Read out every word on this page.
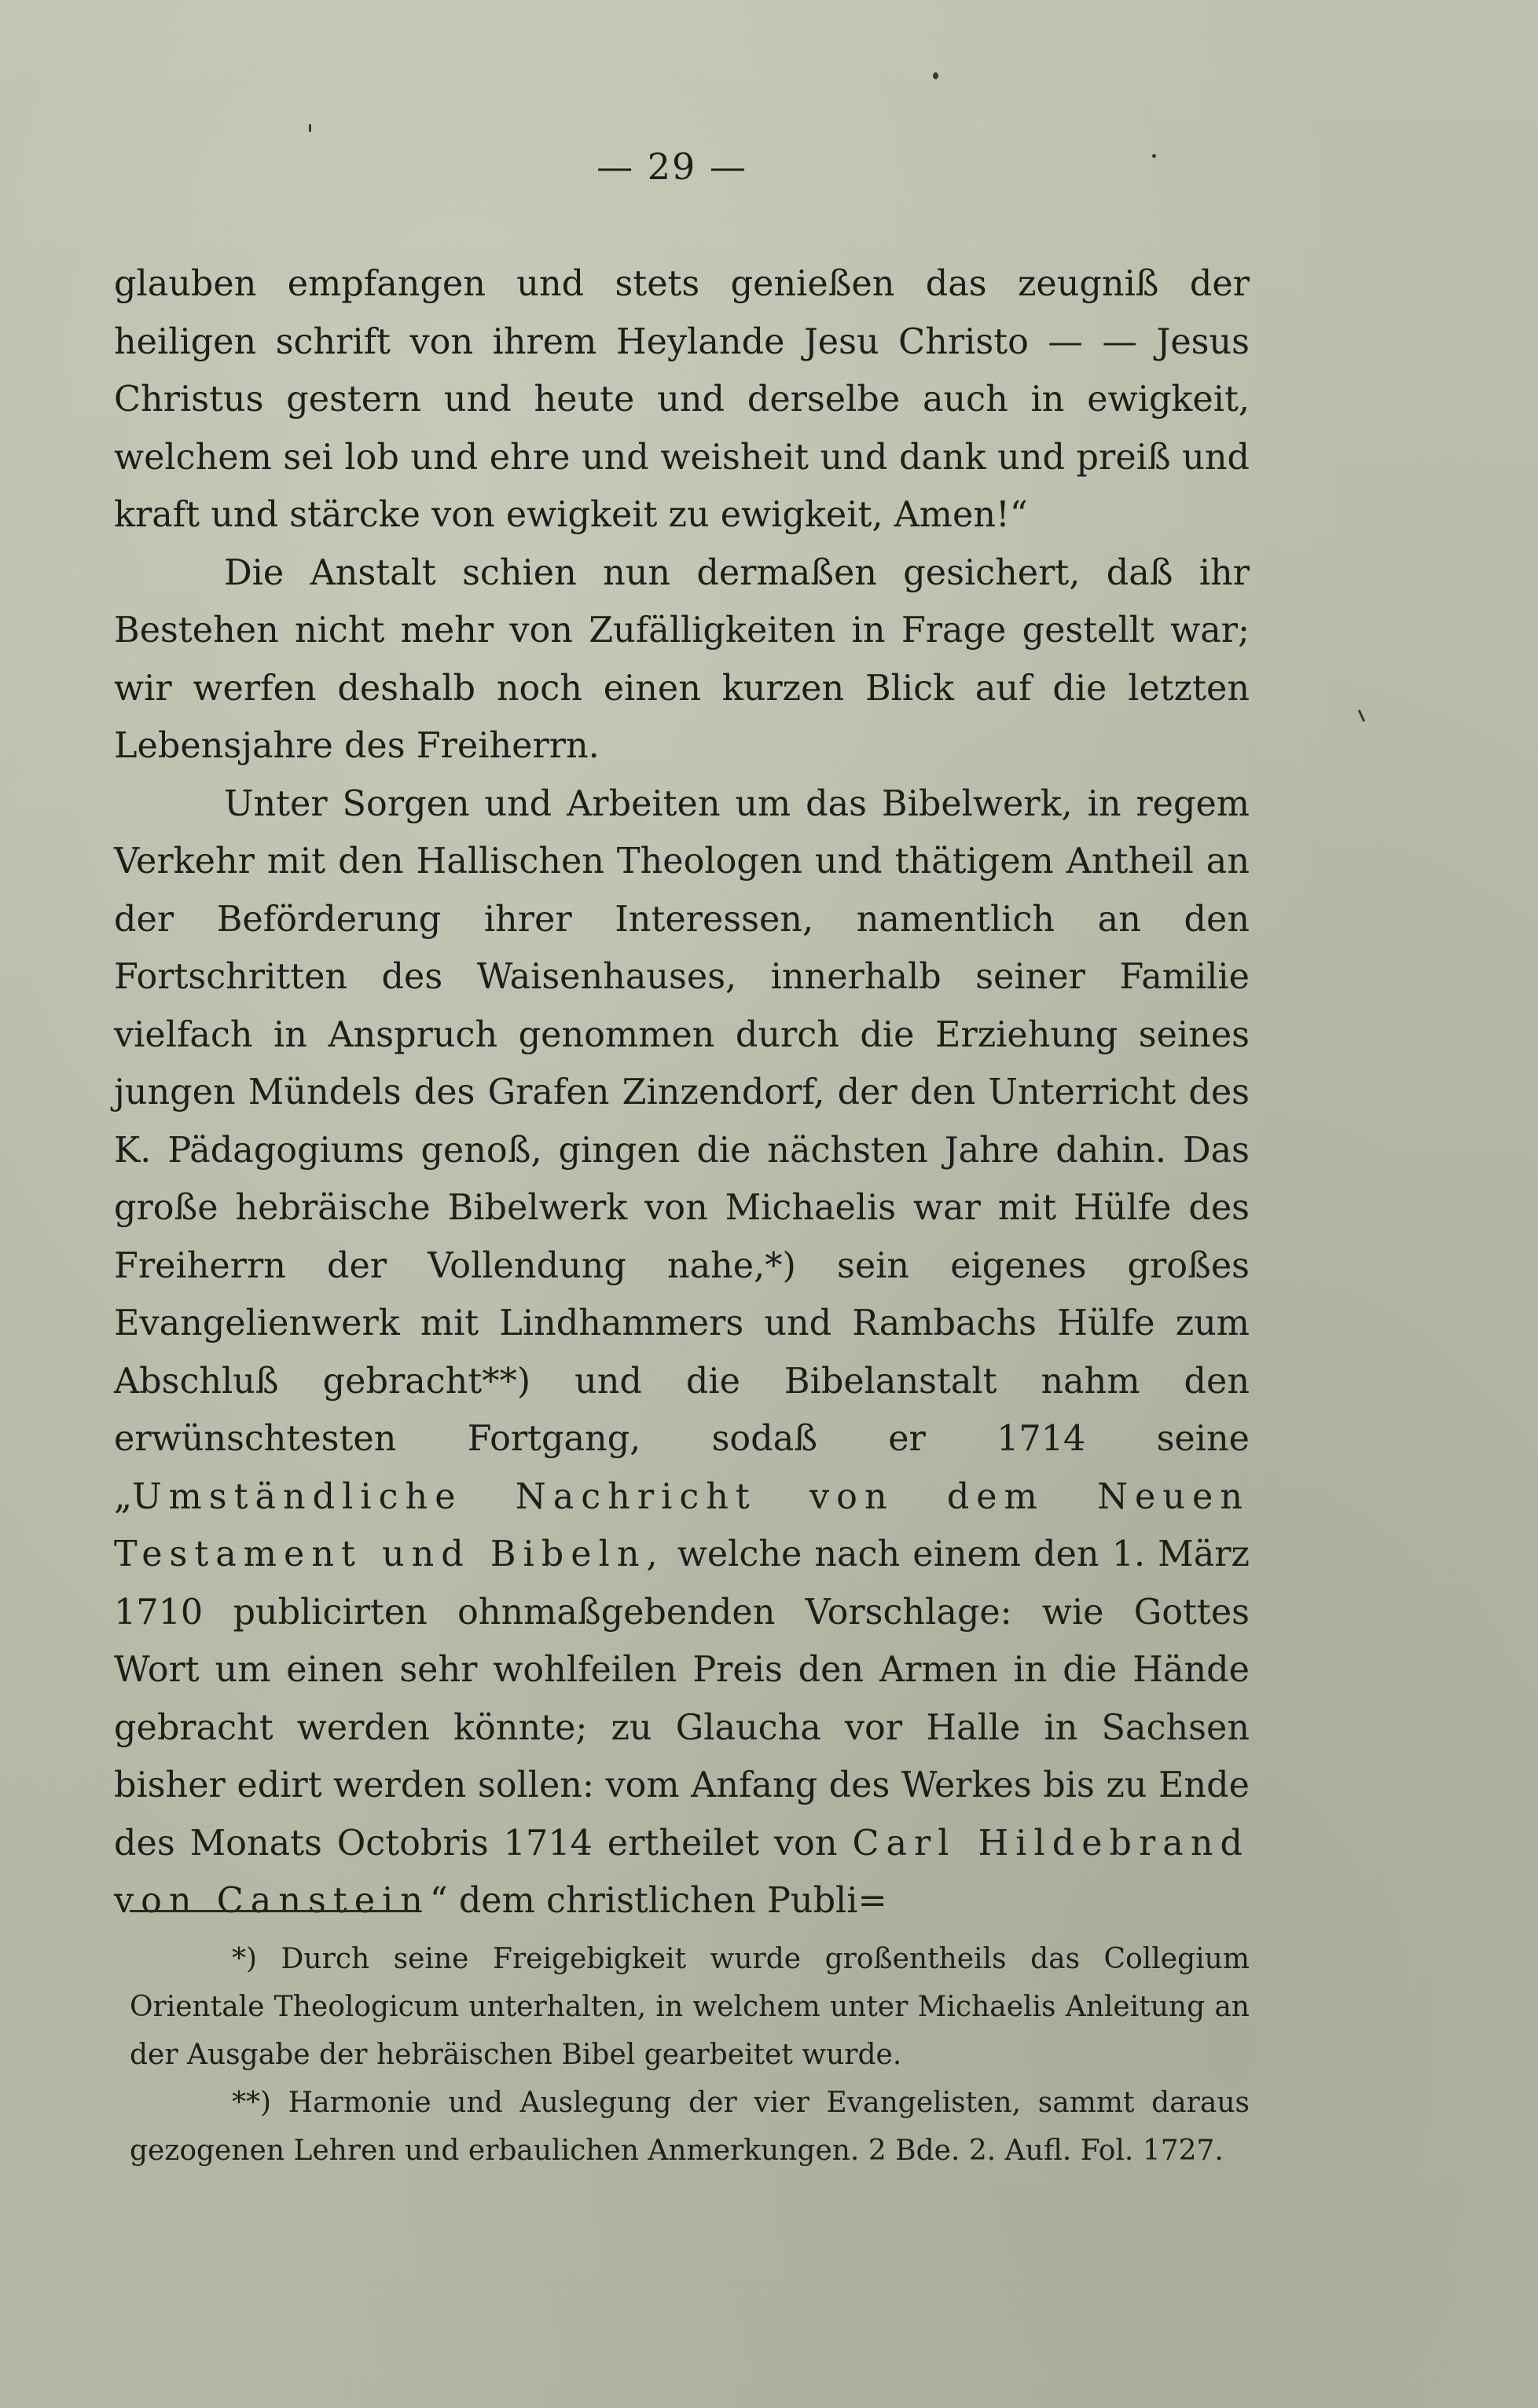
— 29 —

glauben empfangen und stets genießen das zeugniß der heiligen schrift von ihrem Heylande Jesu Christo — — Jesus Christus gestern und heute und derselbe auch in ewigkeit, welchem sei lob und ehre und weisheit und dank und preiß und kraft und stärcke von ewigkeit zu ewigkeit, Amen!“

Die Anstalt schien nun dermaßen gesichert, daß ihr Bestehen nicht mehr von Zufälligkeiten in Frage gestellt war; wir werfen deshalb noch einen kurzen Blick auf die letzten Lebensjahre des Freiherrn.

Unter Sorgen und Arbeiten um das Bibelwerk, in regem Verkehr mit den Hallischen Theologen und thätigem Antheil an der Beförderung ihrer Interessen, namentlich an den Fortschritten des Waisenhauses, innerhalb seiner Familie vielfach in Anspruch genommen durch die Erziehung seines jungen Mündels des Grafen Zinzendorf, der den Unterricht des K. Pädagogiums genoß, gingen die nächsten Jahre dahin. Das große hebräische Bibelwerk von Michaelis war mit Hülfe des Freiherrn der Vollendung nahe,*) sein eigenes großes Evangelienwerk mit Lindhammers und Rambachs Hülfe zum Abschluß gebracht**) und die Bibelanstalt nahm den erwünschtesten Fortgang, sodaß er 1714 seine „Umständliche Nachricht von dem Neuen Testament und Bibeln, welche nach einem den 1. März 1710 publicirten ohnmaßgebenden Vorschlage: wie Gottes Wort um einen sehr wohlfeilen Preis den Armen in die Hände gebracht werden könnte; zu Glaucha vor Halle in Sachsen bisher edirt werden sollen: vom Anfang des Werkes bis zu Ende des Monats Octobris 1714 ertheilet von Carl Hildebrand von Canstein“ dem christlichen Publi=

*) Durch seine Freigebigkeit wurde großentheils das Collegium Orientale Theologicum unterhalten, in welchem unter Michaelis Anleitung an der Ausgabe der hebräischen Bibel gearbeitet wurde.

**) Harmonie und Auslegung der vier Evangelisten, sammt daraus gezogenen Lehren und erbaulichen Anmerkungen. 2 Bde. 2. Aufl. Fol. 1727.
